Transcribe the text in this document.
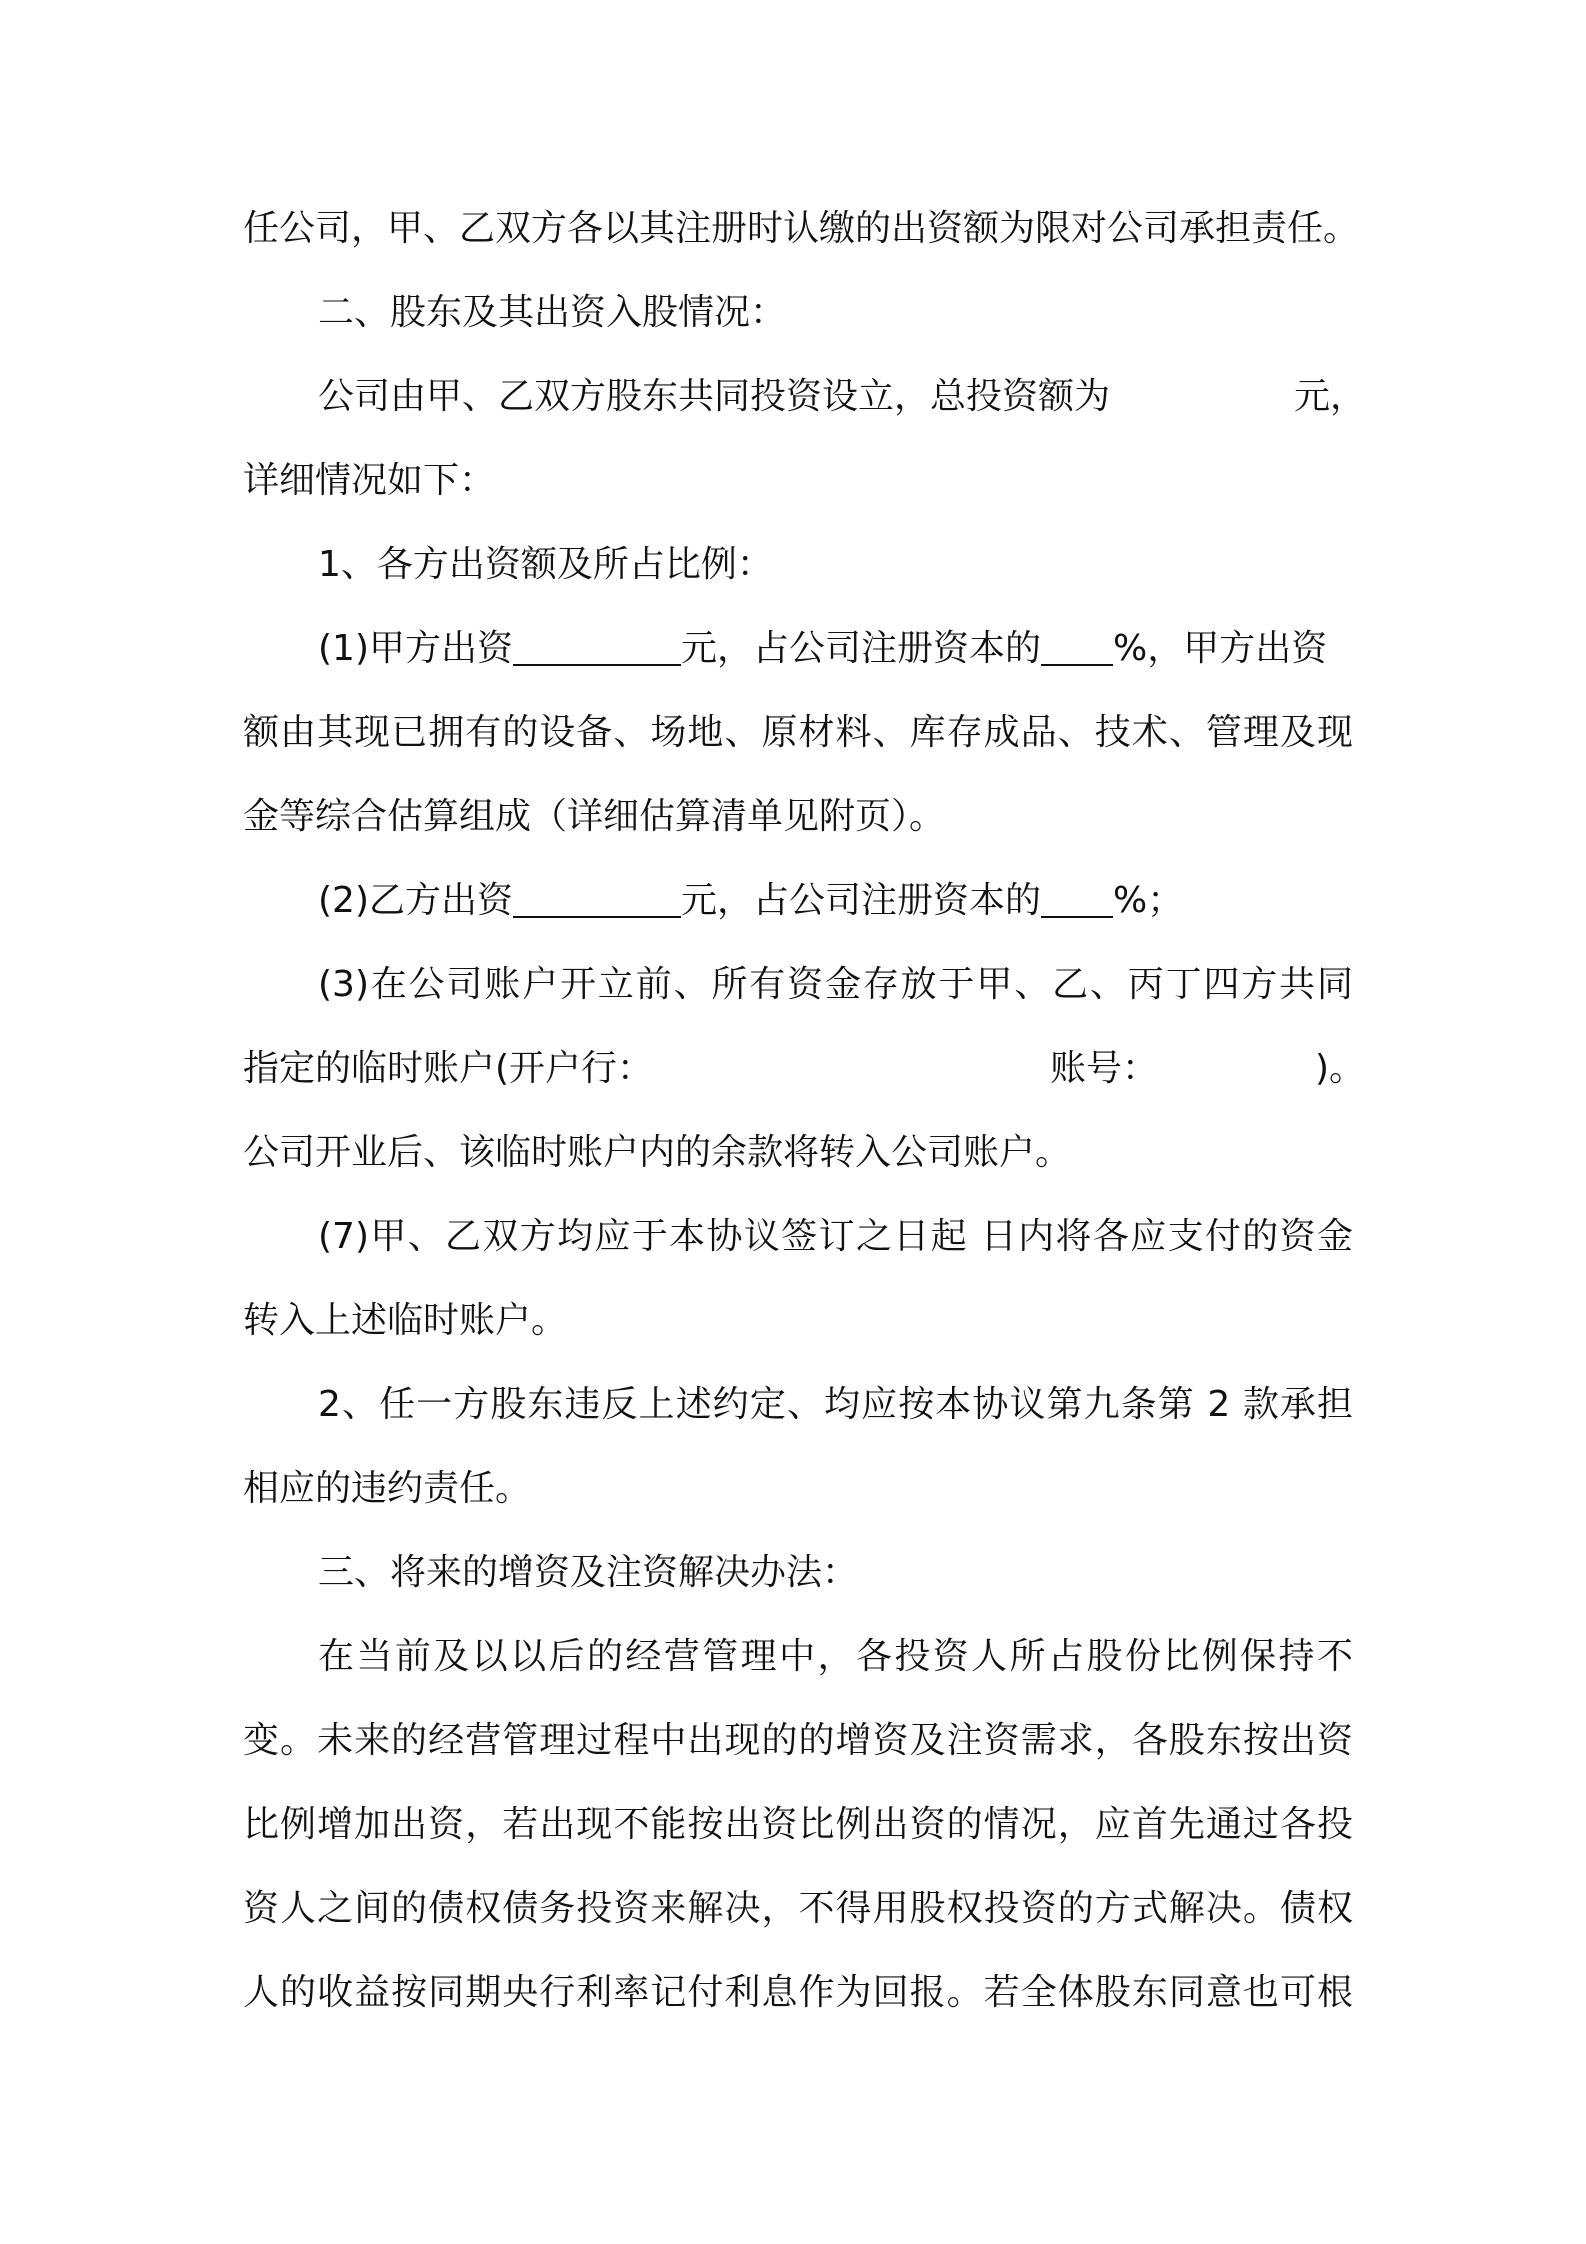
任公司，甲、乙双方各以其注册时认缴的出资额为限对公司承担责任。
二、股东及其出资入股情况：
公司由甲、乙双方股东共同投资设立，总投资额为	元，
详细情况如下：
1、各方出资额及所占比例：
(1)甲方出资	元，占公司注册资本的 %，甲方出资
额由其现已拥有的设备、场地、原材料、库存成品、技术、管理及现
金等综合估算组成（详细估算清单见附页）。
(2)乙方出资	元，占公司注册资本的 %；
(3)在公司账户开立前、所有资金存放于甲、乙、丙丁四方共同
指定的临时账户(开户行：	账号：	)。
公司开业后、该临时账户内的余款将转入公司账户。
(7)甲、乙双方均应于本协议签订之日起 日内将各应支付的资金
转入上述临时账户。
2、任一方股东违反上述约定、均应按本协议第九条第 2 款承担
相应的违约责任。
三、将来的增资及注资解决办法：
在当前及以以后的经营管理中，各投资人所占股份比例保持不
变。未来的经营管理过程中出现的的增资及注资需求，各股东按出资
比例增加出资，若出现不能按出资比例出资的情况，应首先通过各投
资人之间的债权债务投资来解决，不得用股权投资的方式解决。债权
人的收益按同期央行利率记付利息作为回报。若全体股东同意也可根
